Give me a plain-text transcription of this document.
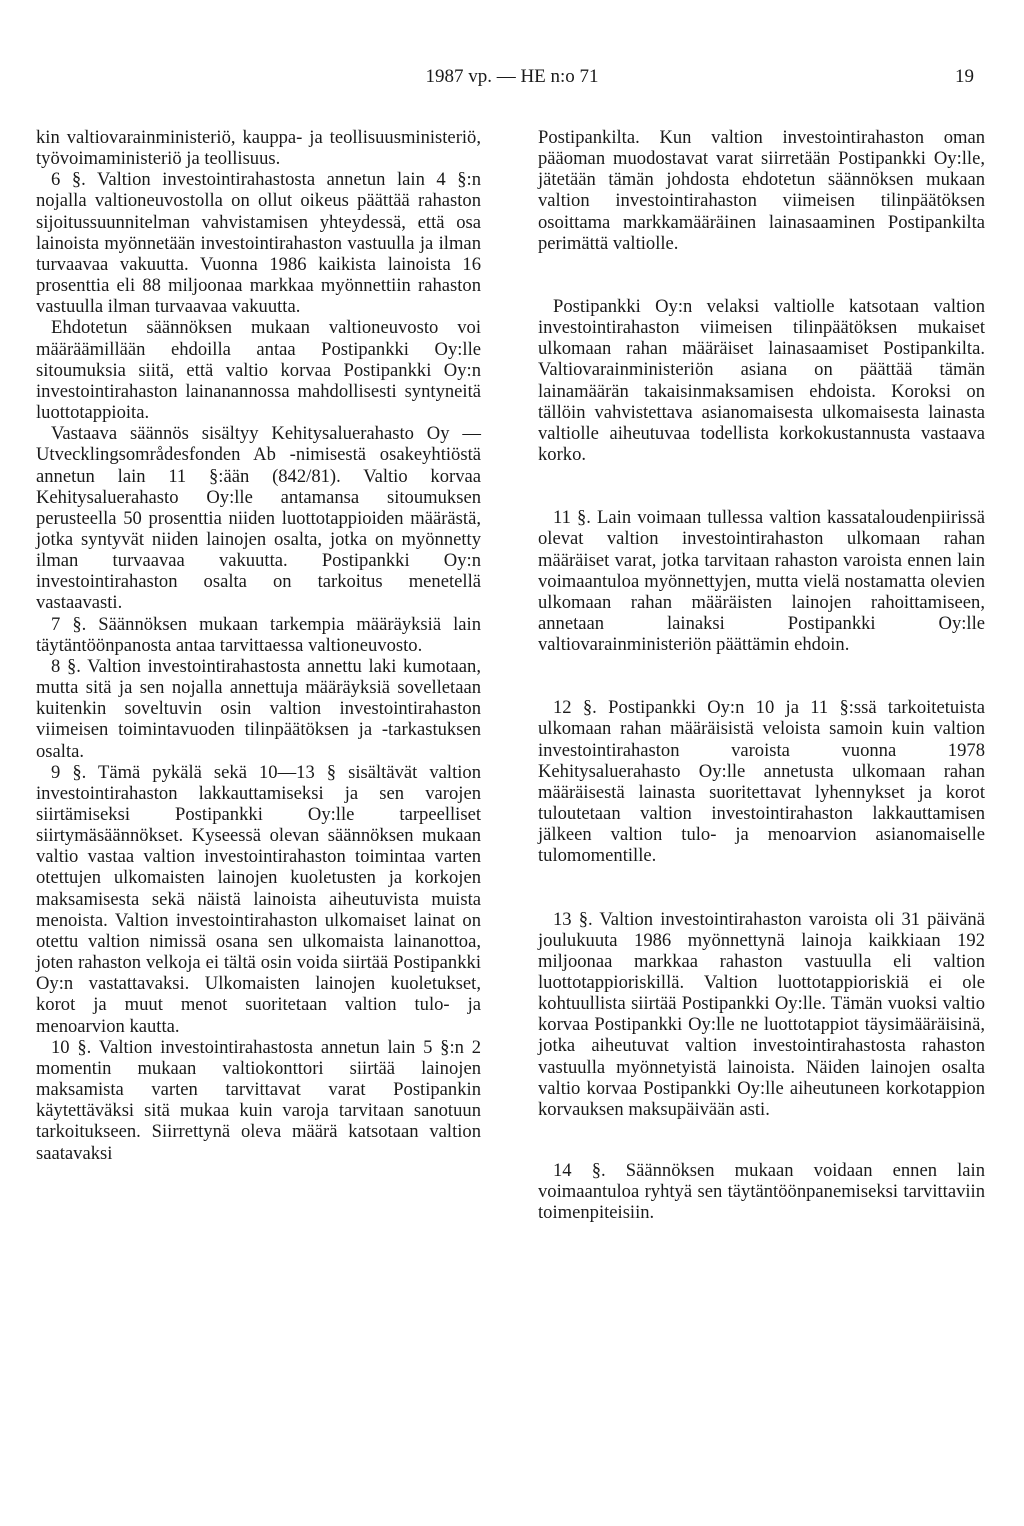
1987 vp. — HE n:o 71	19

kin valtiovarainministeriö, kauppa- ja teollisuusministeriö, työvoimaministeriö ja teollisuus.

6 §. Valtion investointirahastosta annetun lain 4 §:n nojalla valtioneuvostolla on ollut oikeus päättää rahaston sijoitussuunnitelman vahvistamisen yhteydessä, että osa lainoista myönnetään investointirahaston vastuulla ja ilman turvaavaa vakuutta. Vuonna 1986 kaikista lainoista 16 prosenttia eli 88 miljoonaa markkaa myönnettiin rahaston vastuulla ilman turvaavaa vakuutta.

Ehdotetun säännöksen mukaan valtioneuvosto voi määräämillään ehdoilla antaa Postipankki Oy:lle sitoumuksia siitä, että valtio korvaa Postipankki Oy:n investointirahaston lainanannossa mahdollisesti syntyneitä luottotappioita.

Vastaava säännös sisältyy Kehitysaluerahasto Oy — Utvecklingsområdesfonden Ab -nimisestä osakeyhtiöstä annetun lain 11 §:ään (842/81). Valtio korvaa Kehitysaluerahasto Oy:lle antamansa sitoumuksen perusteella 50 prosenttia niiden luottotappioiden määrästä, jotka syntyvät niiden lainojen osalta, jotka on myönnetty ilman turvaavaa vakuutta. Postipankki Oy:n investointirahaston osalta on tarkoitus menetellä vastaavasti.

7 §. Säännöksen mukaan tarkempia määräyksiä lain täytäntöönpanosta antaa tarvittaessa valtioneuvosto.

8 §. Valtion investointirahastosta annettu laki kumotaan, mutta sitä ja sen nojalla annettuja määräyksiä sovelletaan kuitenkin soveltuvin osin valtion investointirahaston viimeisen toimintavuoden tilinpäätöksen ja -tarkastuksen osalta.

9 §. Tämä pykälä sekä 10—13 § sisältävät valtion investointirahaston lakkauttamiseksi ja sen varojen siirtämiseksi Postipankki Oy:lle tarpeelliset siirtymäsäännökset. Kyseessä olevan säännöksen mukaan valtio vastaa valtion investointirahaston toimintaa varten otettujen ulkomaisten lainojen kuoletusten ja korkojen maksamisesta sekä näistä lainoista aiheutuvista muista menoista. Valtion investointirahaston ulkomaiset lainat on otettu valtion nimissä osana sen ulkomaista lainanottoa, joten rahaston velkoja ei tältä osin voida siirtää Postipankki Oy:n vastattavaksi. Ulkomaisten lainojen kuoletukset, korot ja muut menot suoritetaan valtion tulo- ja menoarvion kautta.

10 §. Valtion investointirahastosta annetun lain 5 §:n 2 momentin mukaan valtiokonttori siirtää lainojen maksamista varten tarvittavat varat Postipankin käytettäväksi sitä mukaa kuin varoja tarvitaan sanotuun tarkoitukseen. Siirrettynä oleva määrä katsotaan valtion saatavaksi

Postipankilta. Kun valtion investointirahaston oman pääoman muodostavat varat siirretään Postipankki Oy:lle, jätetään tämän johdosta ehdotetun säännöksen mukaan valtion investointirahaston viimeisen tilinpäätöksen osoittama markkamääräinen lainasaaminen Postipankilta perimättä valtiolle.

Postipankki Oy:n velaksi valtiolle katsotaan valtion investointirahaston viimeisen tilinpäätöksen mukaiset ulkomaan rahan määräiset lainasaamiset Postipankilta. Valtiovarainministeriön asiana on päättää tämän lainamäärän takaisinmaksamisen ehdoista. Koroksi on tällöin vahvistettava asianomaisesta ulkomaisesta lainasta valtiolle aiheutuvaa todellista korkokustannusta vastaava korko.

11 §. Lain voimaan tullessa valtion kassataloudenpiirissä olevat valtion investointirahaston ulkomaan rahan määräiset varat, jotka tarvitaan rahaston varoista ennen lain voimaantuloa myönnettyjen, mutta vielä nostamatta olevien ulkomaan rahan määräisten lainojen rahoittamiseen, annetaan lainaksi Postipankki Oy:lle valtiovarainministeriön päättämin ehdoin.

12 §. Postipankki Oy:n 10 ja 11 §:ssä tarkoitetuista ulkomaan rahan määräisistä veloista samoin kuin valtion investointirahaston varoista vuonna 1978 Kehitysaluerahasto Oy:lle annetusta ulkomaan rahan määräisestä lainasta suoritettavat lyhennykset ja korot tuloutetaan valtion investointirahaston lakkauttamisen jälkeen valtion tulo- ja menoarvion asianomaiselle tulomomentille.

13 §. Valtion investointirahaston varoista oli 31 päivänä joulukuuta 1986 myönnettynä lainoja kaikkiaan 192 miljoonaa markkaa rahaston vastuulla eli valtion luottotappioriskillä. Valtion luottotappioriskiä ei ole kohtuullista siirtää Postipankki Oy:lle. Tämän vuoksi valtio korvaa Postipankki Oy:lle ne luottotappiot täysimääräisinä, jotka aiheutuvat valtion investointirahastosta rahaston vastuulla myönnetyistä lainoista. Näiden lainojen osalta valtio korvaa Postipankki Oy:lle aiheutuneen korkotappion korvauksen maksupäivään asti.

14 §. Säännöksen mukaan voidaan ennen lain voimaantuloa ryhtyä sen täytäntöönpanemiseksi tarvittaviin toimenpiteisiin.
